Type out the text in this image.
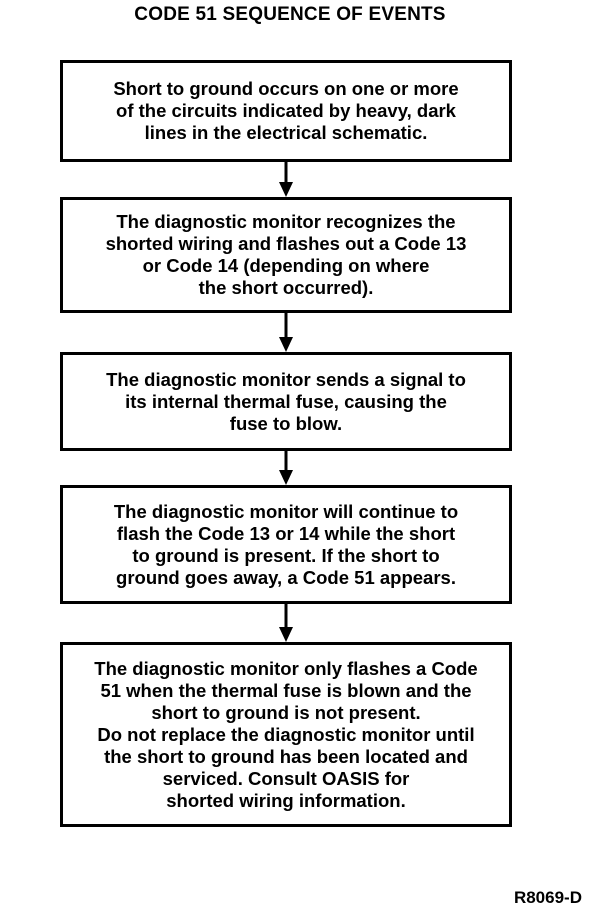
CODE 51 SEQUENCE OF EVENTS
Short to ground occurs on one or more
of the circuits indicated by heavy, dark
lines in the electrical schematic.
The diagnostic monitor recognizes the
shorted wiring and flashes out a Code 13
or Code 14 (depending on where
the short occurred).
The diagnostic monitor sends a signal to
its internal thermal fuse, causing the
fuse to blow.
The diagnostic monitor will continue to
flash the Code 13 or 14 while the short
to ground is present. If the short to
ground goes away, a Code 51 appears.
The diagnostic monitor only flashes a Code
51 when the thermal fuse is blown and the
short to ground is not present.
Do not replace the diagnostic monitor until
the short to ground has been located and
serviced. Consult OASIS for
shorted wiring information.
R8069-D
